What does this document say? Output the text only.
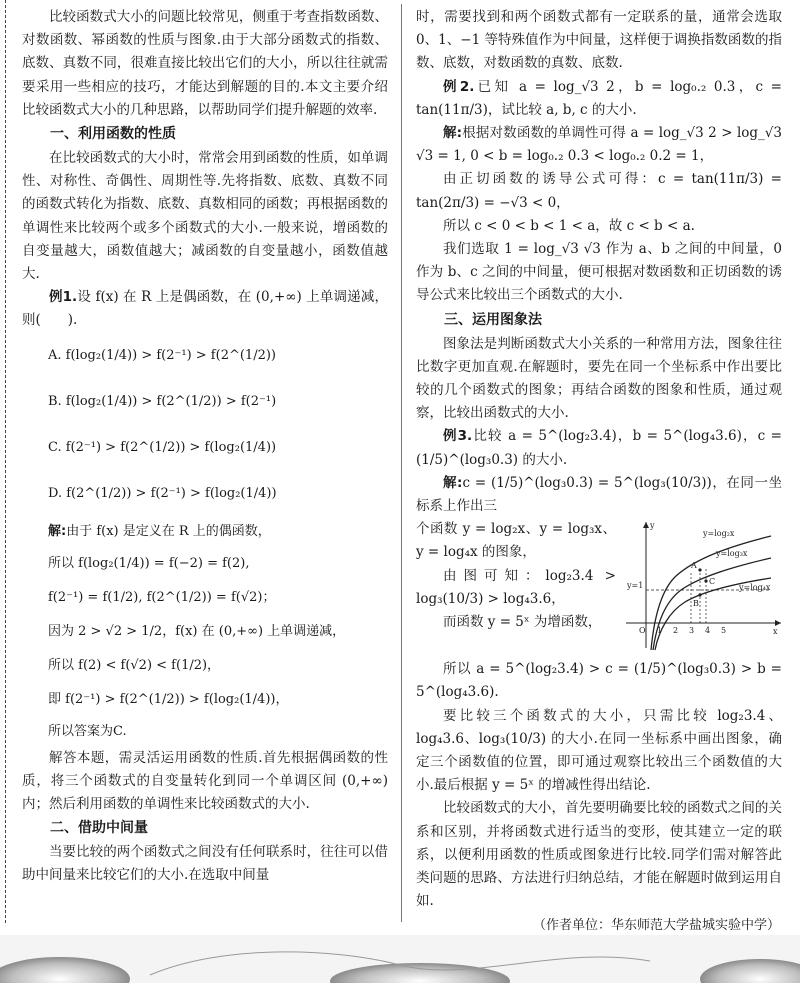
比较函数式大小的问题比较常见，侧重于考查指数函数、对数函数、幂函数的性质与图象.由于大部分函数式的指数、底数、真数不同，很难直接比较出它们的大小，所以往往就需要采用一些相应的技巧，才能达到解题的目的.本文主要介绍比较函数式大小的几种思路，以帮助同学们提升解题的效率.

一、利用函数的性质

在比较函数式的大小时，常常会用到函数的性质，如单调性、对称性、奇偶性、周期性等.先将指数、底数、真数不同的函数式转化为指数、底数、真数相同的函数；再根据函数的单调性来比较两个或多个函数式的大小.一般来说，增函数的自变量越大，函数值越大；减函数的自变量越小，函数值越大.

例1.设 f(x) 在 R 上是偶函数，在 (0,+∞) 上单调递减，则(　　).

A. f(log₂(1/4)) > f(2⁻¹) > f(2^(1/2))
B. f(log₂(1/4)) > f(2^(1/2)) > f(2⁻¹)
C. f(2⁻¹) > f(2^(1/2)) > f(log₂(1/4))
D. f(2^(1/2)) > f(2⁻¹) > f(log₂(1/4))
解:由于 f(x) 是定义在 R 上的偶函数，
所以 f(log₂(1/4)) = f(−2) = f(2),
f(2⁻¹) = f(1/2), f(2^(1/2)) = f(√2)；
因为 2 > √2 > 1/2，f(x) 在 (0,+∞) 上单调递减，
所以 f(2) < f(√2) < f(1/2)，
即 f(2⁻¹) > f(2^(1/2)) > f(log₂(1/4))，
所以答案为C.

解答本题，需灵活运用函数的性质.首先根据偶函数的性质，将三个函数式的自变量转化到同一个单调区间 (0,+∞) 内；然后利用函数的单调性来比较函数式的大小.

二、借助中间量

当要比较的两个函数式之间没有任何联系时，往往可以借助中间量来比较它们的大小.在选取中间量

时，需要找到和两个函数式都有一定联系的量，通常会选取 0、1、−1 等特殊值作为中间量，这样便于调换指数函数的指数、底数，对数函数的真数、底数.

例2.已知 a = log_√3 2，b = log₀.₂ 0.3，c = tan(11π/3)，试比较 a, b, c 的大小.

解:根据对数函数的单调性可得 a = log_√3 2 > log_√3 √3 = 1, 0 < b = log₀.₂ 0.3 < log₀.₂ 0.2 = 1，

由正切函数的诱导公式可得：c = tan(11π/3) = tan(2π/3) = −√3 < 0，

所以 c < 0 < b < 1 < a，故 c < b < a.

我们选取 1 = log_√3 √3 作为 a、b 之间的中间量，0 作为 b、c 之间的中间量，便可根据对数函数和正切函数的诱导公式来比较出三个函数式的大小.

三、运用图象法

图象法是判断函数式大小关系的一种常用方法，图象往往比数字更加直观.在解题时，要先在同一个坐标系中作出要比较的几个函数式的图象；再结合函数的图象和性质，通过观察，比较出函数式的大小.

例3.比较 a = 5^(log₂3.4)，b = 5^(log₄3.6)，c = (1/5)^(log₃0.3) 的大小.

解:c = (1/5)^(log₃0.3) = 5^(log₃(10/3))，在同一坐标系上作出三

个函数 y = log₂x、y = log₃x、y = log₄x 的图象，

由图可知：log₂3.4 > log₃(10/3) > log₄3.6，

而函数 y = 5ˣ 为增函数，

y=log₂x
y=log₃x
y=log₄x
y=1
O 1 2 3 4 5	x
y
A
C
B

所以 a = 5^(log₂3.4) > c = (1/5)^(log₃0.3) > b = 5^(log₄3.6).

要比较三个函数式的大小，只需比较 log₂3.4、log₄3.6、log₃(10/3) 的大小.在同一坐标系中画出图象，确定三个函数值的位置，即可通过观察比较出三个函数值的大小.最后根据 y = 5ˣ 的增减性得出结论.

比较函数式的大小，首先要明确要比较的函数式之间的关系和区别，并将函数式进行适当的变形，使其建立一定的联系，以便利用函数的性质或图象进行比较.同学们需对解答此类问题的思路、方法进行归纳总结，才能在解题时做到运用自如.

（作者单位：华东师范大学盐城实验中学）
